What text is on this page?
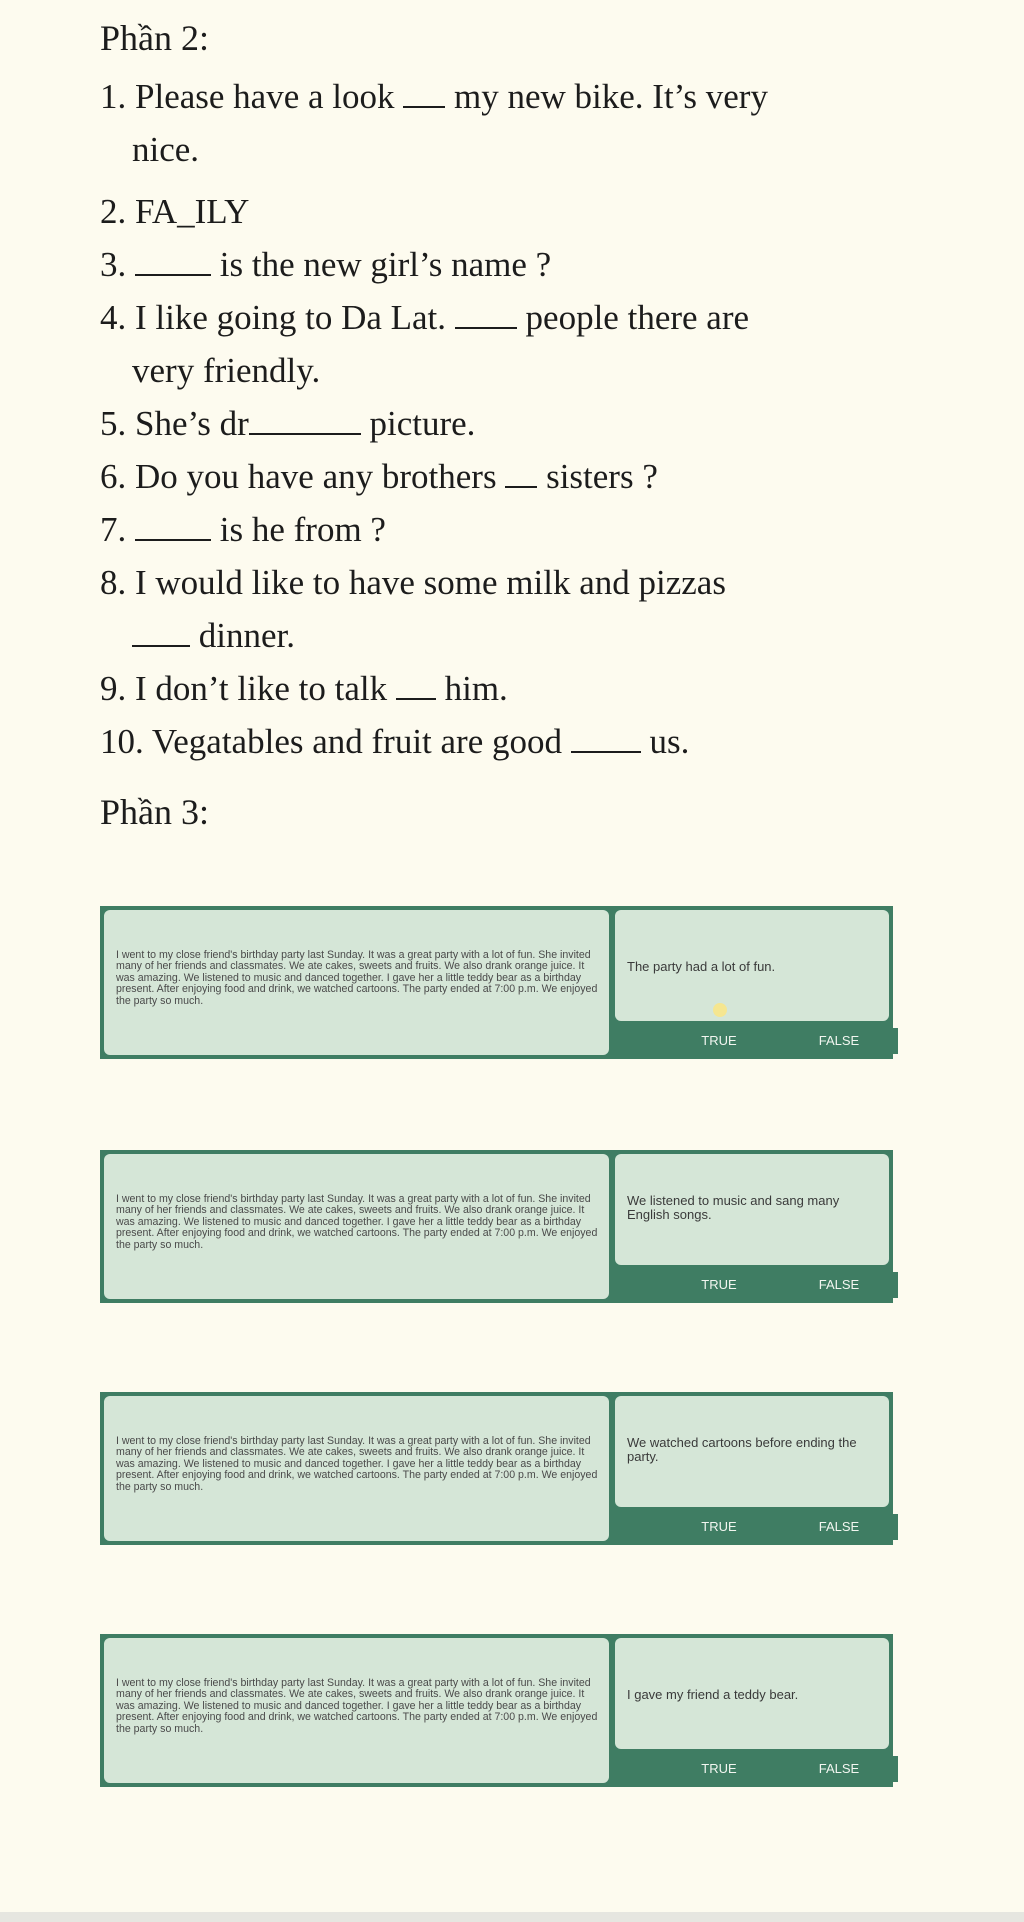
Phần 2:
1. Please have a look  my new bike. It’s very
nice.
2. FA_ILY
3.  is the new girl’s name ?
4. I like going to Da Lat.  people there are
very friendly.
5. She’s dr	picture.
6. Do you have any brothers  sisters ?
7.  is he from ?
8. I would like to have some milk and pizzas
dinner.
9. I don’t like to talk  him.
10. Vegatables and fruit are good  us.
Phần 3:
I went to my close friend's birthday party last Sunday. It was a great party with a lot of fun. She invited many of her friends and classmates. We ate cakes, sweets and fruits. We also drank orange juice. It was amazing. We listened to music and danced together. I gave her a little teddy bear as a birthday present. After enjoying food and drink, we watched cartoons. The party ended at 7:00 p.m. We enjoyed the party so much.
The party had a lot of fun.
TRUE	FALSE
I went to my close friend's birthday party last Sunday. It was a great party with a lot of fun. She invited many of her friends and classmates. We ate cakes, sweets and fruits. We also drank orange juice. It was amazing. We listened to music and danced together. I gave her a little teddy bear as a birthday present. After enjoying food and drink, we watched cartoons. The party ended at 7:00 p.m. We enjoyed the party so much.
We listened to music and sang many English songs.
TRUE	FALSE
I went to my close friend's birthday party last Sunday. It was a great party with a lot of fun. She invited many of her friends and classmates. We ate cakes, sweets and fruits. We also drank orange juice. It was amazing. We listened to music and danced together. I gave her a little teddy bear as a birthday present. After enjoying food and drink, we watched cartoons. The party ended at 7:00 p.m. We enjoyed the party so much.
We watched cartoons before ending the party.
TRUE	FALSE
I went to my close friend's birthday party last Sunday. It was a great party with a lot of fun. She invited many of her friends and classmates. We ate cakes, sweets and fruits. We also drank orange juice. It was amazing. We listened to music and danced together. I gave her a little teddy bear as a birthday present. After enjoying food and drink, we watched cartoons. The party ended at 7:00 p.m. We enjoyed the party so much.
I gave my friend a teddy bear.
TRUE	FALSE
